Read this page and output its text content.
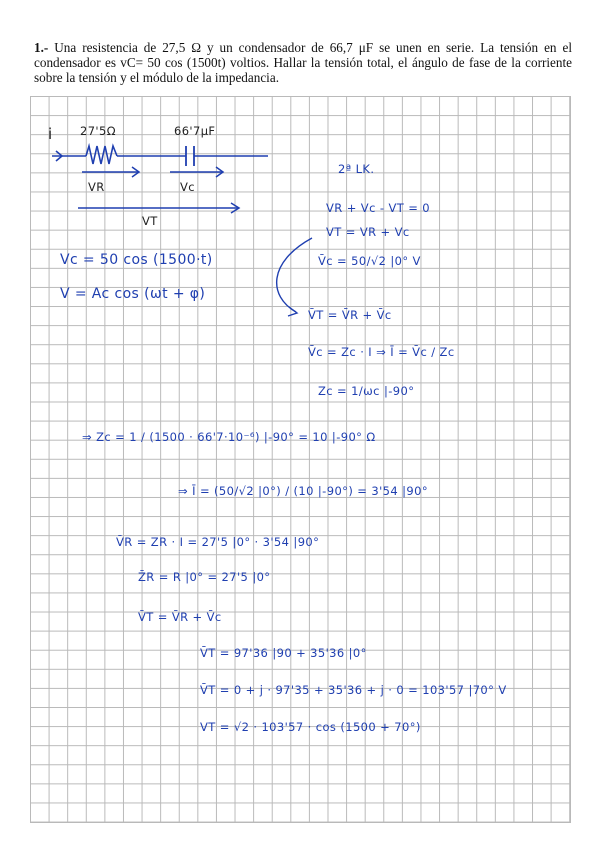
1.- Una resistencia de 27,5 Ω y un condensador de 66,7 μF se unen en serie. La tensión en el condensador es vC= 50 cos (1500t) voltios. Hallar la tensión total, el ángulo de fase de la corriente sobre la tensión y el módulo de la impedancia.
i 27'5Ω	66'7μF
VR	Vc
VT
2ª LK.
VR + Vc - VT = 0
VT = VR + Vc
Vc = 50 cos (1500·t)
V = Ac cos (ωt + φ)
V̄c = 50/√2 |0° V
V̄T = V̄R + V̄c
V̄c = Zc · I ⇒ Ī = V̄c / Zc
Zc = 1/ωc |-90°
⇒ Zc = 1 / (1500 · 66'7·10⁻⁶) |-90° = 10 |-90° Ω
⇒ Ī = (50/√2 |0°) / (10 |-90°) = 3'54 |90°
V̄R = ZR · I = 27'5 |0° · 3'54 |90°
Z̄R = R |0° = 27'5 |0°
V̄T = V̄R + V̄c
V̄T = 97'36 |90 + 35'36 |0°
V̄T = 0 + j · 97'35 + 35'36 + j · 0 = 103'57 |70° V
VT = √2 · 103'57 · cos (1500 + 70°)
